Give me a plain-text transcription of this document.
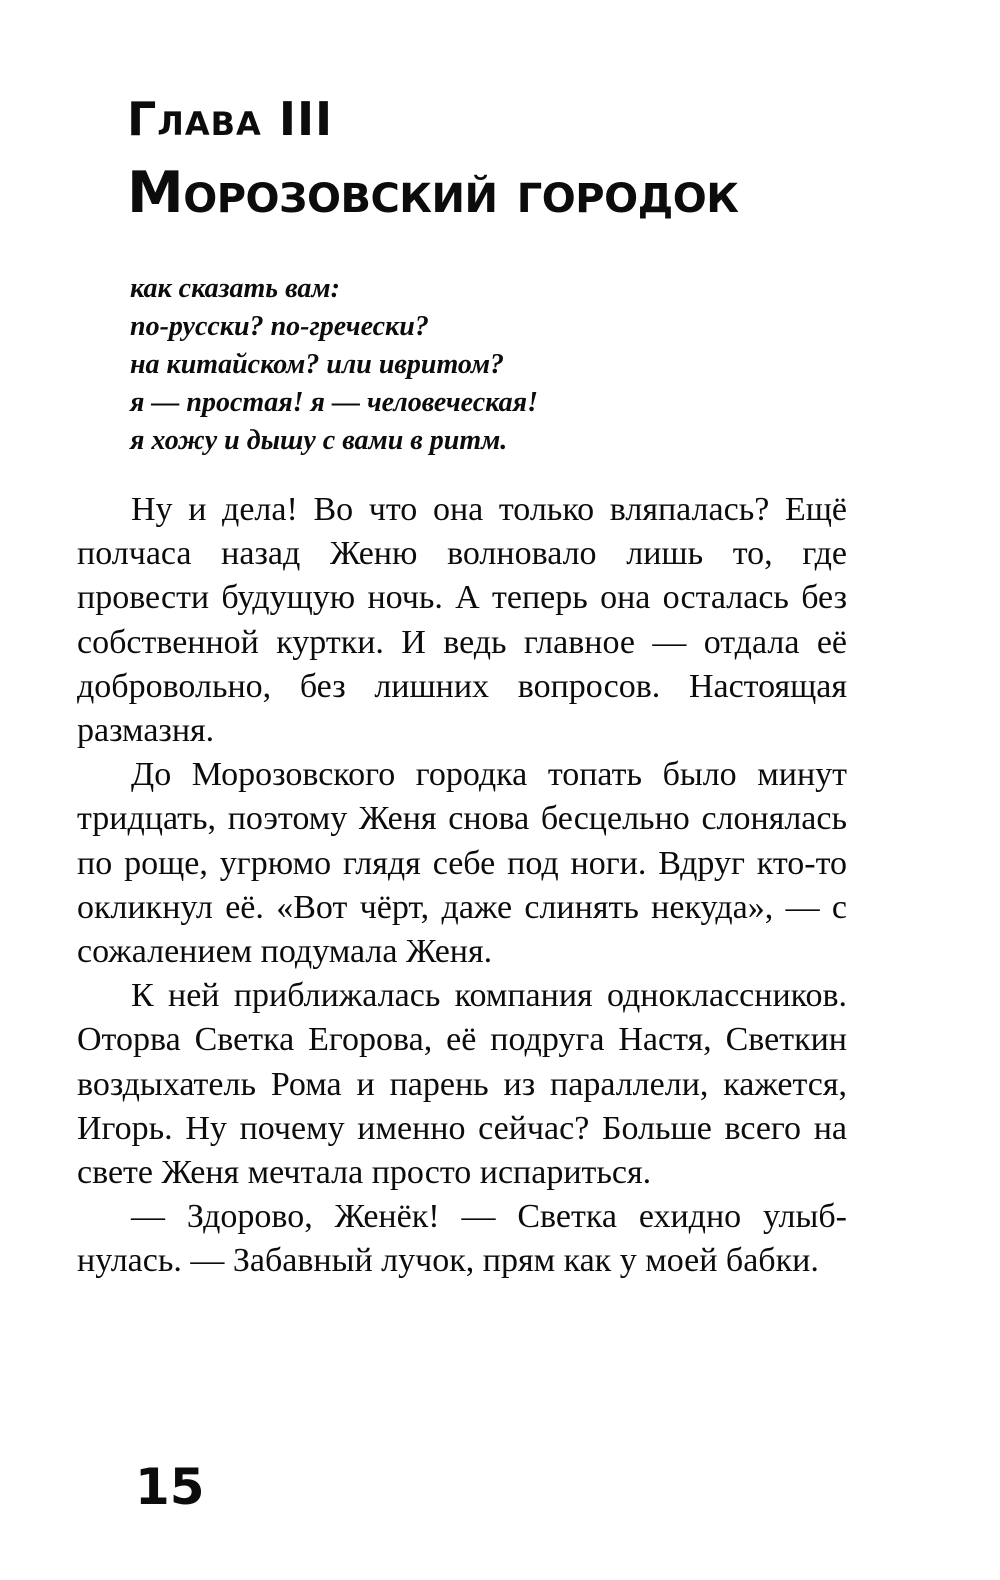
Глава III
Морозовский городок
как сказать вам:
по-русски? по-гречески?
на китайском? или ивритом?
я — простая! я — человеческая!
я хожу и дышу с вами в ритм.

Ну и дела! Во что она только вляпалась? Ещё полчаса назад Женю волновало лишь то, где провести будущую ночь. А теперь она осталась без собственной куртки. И ведь главное — отдала её добровольно, без лишних вопросов. Настоящая размазня.

До Морозовского городка топать было минут тридцать, поэтому Женя снова бесцельно слонялась по роще, угрюмо глядя себе под ноги. Вдруг кто-то окликнул её. «Вот чёрт, даже слинять некуда», — с сожалением подумала Женя.

К ней приближалась компания одноклассников. Оторва Светка Егорова, её подруга Настя, Светкин воздыхатель Рома и парень из параллели, кажется, Игорь. Ну почему именно сейчас? Больше всего на свете Женя мечтала просто испариться.

— Здорово, Женёк! — Светка ехидно улыбнулась. — Забавный лучок, прям как у моей бабки.

15
